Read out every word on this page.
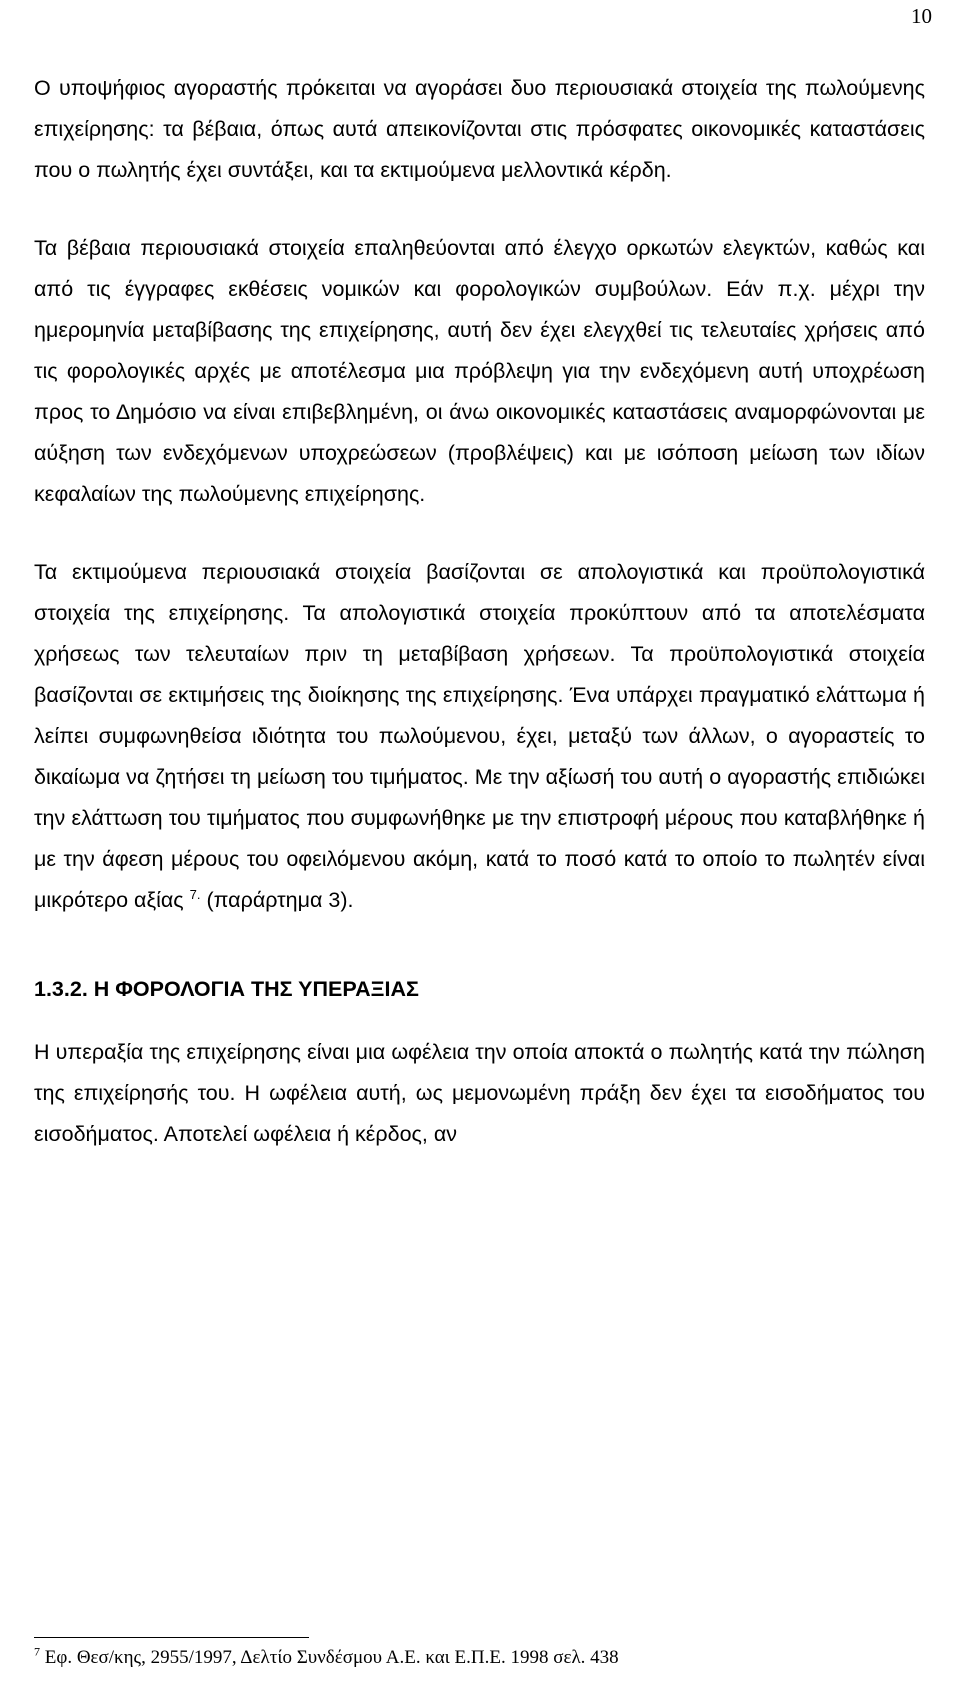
10

Ο υποψήφιος αγοραστής πρόκειται να αγοράσει δυο περιουσιακά στοιχεία της πωλούμενης επιχείρησης: τα βέβαια, όπως αυτά απεικονίζονται στις πρόσφατες οικονομικές καταστάσεις που ο πωλητής έχει συντάξει, και τα εκτιμούμενα μελλοντικά κέρδη.

Τα βέβαια περιουσιακά στοιχεία επαληθεύονται από έλεγχο ορκωτών ελεγκτών, καθώς και από τις έγγραφες εκθέσεις νομικών και φορολογικών συμβούλων. Εάν π.χ. μέχρι την ημερομηνία μεταβίβασης της επιχείρησης, αυτή δεν έχει ελεγχθεί τις τελευταίες χρήσεις από τις φορολογικές αρχές με αποτέλεσμα μια πρόβλεψη για την ενδεχόμενη αυτή υποχρέωση προς το Δημόσιο να είναι επιβεβλημένη, οι άνω οικονομικές καταστάσεις αναμορφώνονται με αύξηση των ενδεχόμενων υποχρεώσεων (προβλέψεις) και με ισόποση μείωση των ιδίων κεφαλαίων της πωλούμενης επιχείρησης.

Τα εκτιμούμενα περιουσιακά στοιχεία βασίζονται σε απολογιστικά και προϋπολογιστικά στοιχεία της επιχείρησης. Τα απολογιστικά στοιχεία προκύπτουν από τα αποτελέσματα χρήσεως των τελευταίων πριν τη μεταβίβαση χρήσεων. Τα προϋπολογιστικά στοιχεία βασίζονται σε εκτιμήσεις της διοίκησης της επιχείρησης. Ένα υπάρχει πραγματικό ελάττωμα ή λείπει συμφωνηθείσα ιδιότητα του πωλούμενου, έχει, μεταξύ των άλλων, ο αγοραστείς το δικαίωμα να ζητήσει τη μείωση του τιμήματος. Με την αξίωσή του αυτή ο αγοραστής επιδιώκει την ελάττωση του τιμήματος που συμφωνήθηκε με την επιστροφή μέρους που καταβλήθηκε ή με την άφεση μέρους του οφειλόμενου ακόμη, κατά το ποσό κατά το οποίο το πωλητέν είναι μικρότερο αξίας $^{7.}$ (παράρτημα 3).

1.3.2. Η ΦΟΡΟΛΟΓΙΑ ΤΗΣ ΥΠΕΡΑΞΙΑΣ

Η υπεραξία της επιχείρησης είναι μια ωφέλεια την οποία αποκτά ο πωλητής κατά την πώληση της επιχείρησής του. Η ωφέλεια αυτή, ως μεμονωμένη πράξη δεν έχει τα εισοδήματος του εισοδήματος. Αποτελεί ωφέλεια ή κέρδος, αν

$^7$ Εφ. Θεσ/κης, 2955/1997, Δελτίο Συνδέσμου Α.Ε. και Ε.Π.Ε. 1998 σελ. 438
